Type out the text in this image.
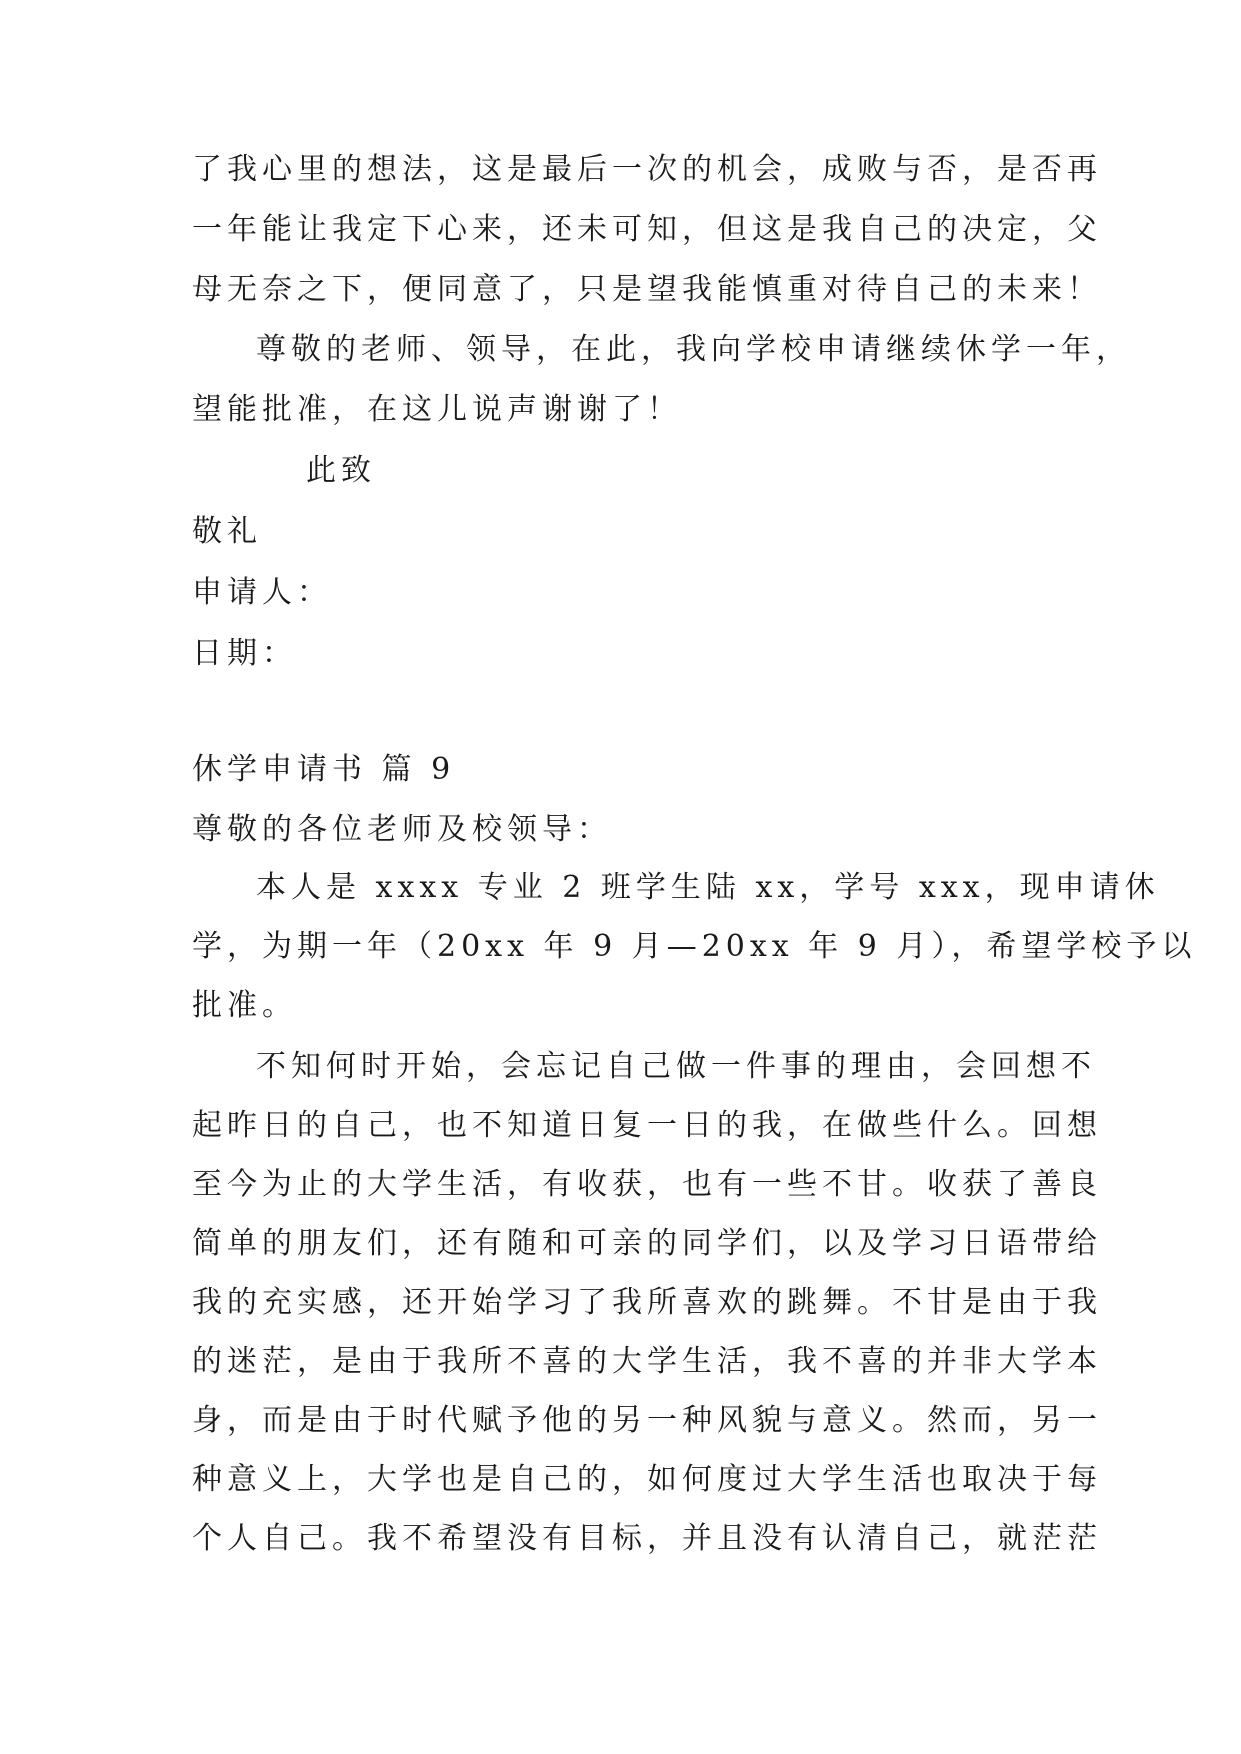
了我心里的想法，这是最后一次的机会，成败与否，是否再
一年能让我定下心来，还未可知，但这是我自己的决定，父
母无奈之下，便同意了，只是望我能慎重对待自己的未来！
尊敬的老师、领导，在此，我向学校申请继续休学一年，
望能批准，在这儿说声谢谢了！
此致
敬礼
申请人：
日期：
休学申请书 篇 9
尊敬的各位老师及校领导：
本人是 xxxx 专业 2 班学生陆 xx，学号 xxx，现申请休
学，为期一年（20xx 年 9 月—20xx 年 9 月），希望学校予以
批准。
不知何时开始，会忘记自己做一件事的理由，会回想不
起昨日的自己，也不知道日复一日的我，在做些什么。回想
至今为止的大学生活，有收获，也有一些不甘。收获了善良
简单的朋友们，还有随和可亲的同学们，以及学习日语带给
我的充实感，还开始学习了我所喜欢的跳舞。不甘是由于我
的迷茫，是由于我所不喜的大学生活，我不喜的并非大学本
身，而是由于时代赋予他的另一种风貌与意义。然而，另一
种意义上，大学也是自己的，如何度过大学生活也取决于每
个人自己。我不希望没有目标，并且没有认清自己，就茫茫
